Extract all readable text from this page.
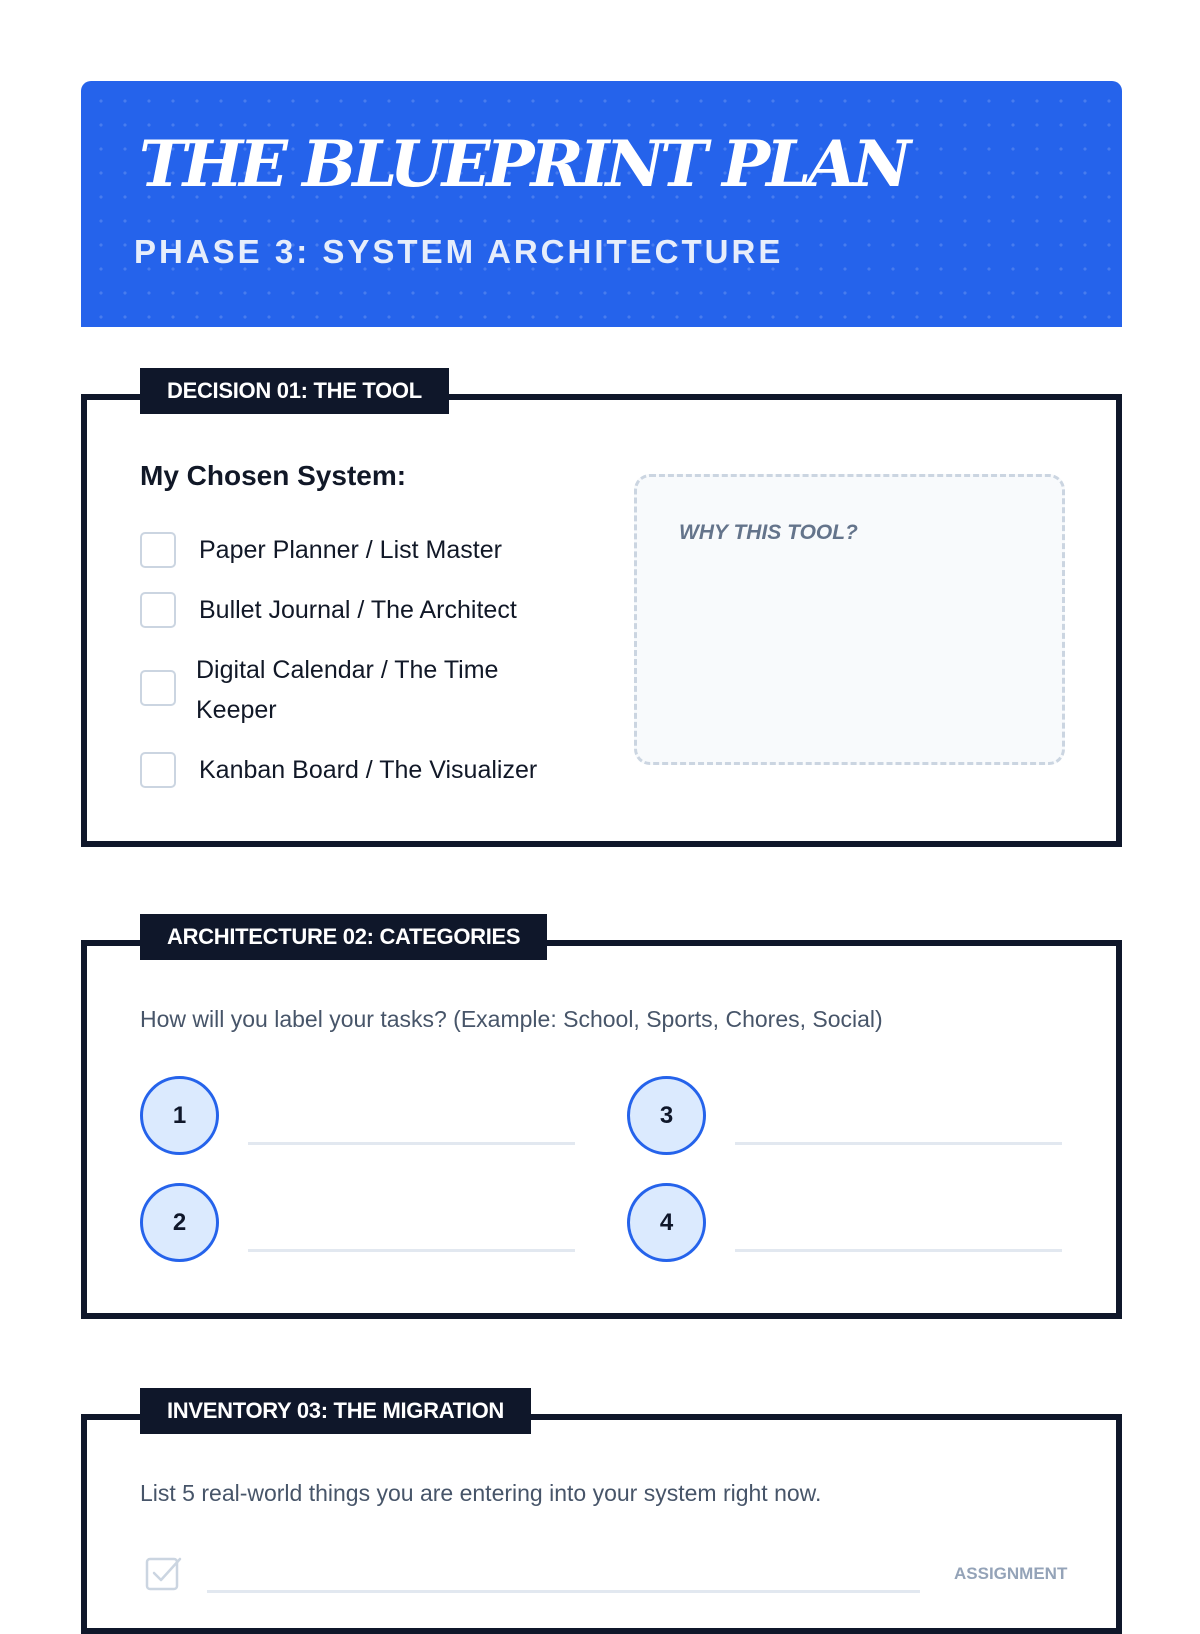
THE BLUEPRINT PLAN
PHASE 3: SYSTEM ARCHITECTURE
DECISION 01: THE TOOL
My Chosen System:
Paper Planner / List Master
Bullet Journal / The Architect
Digital Calendar / The Time Keeper
Kanban Board / The Visualizer
WHY THIS TOOL?
ARCHITECTURE 02: CATEGORIES
How will you label your tasks? (Example: School, Sports, Chores, Social)
1
2
3
4
INVENTORY 03: THE MIGRATION
List 5 real-world things you are entering into your system right now.
ASSIGNMENT
